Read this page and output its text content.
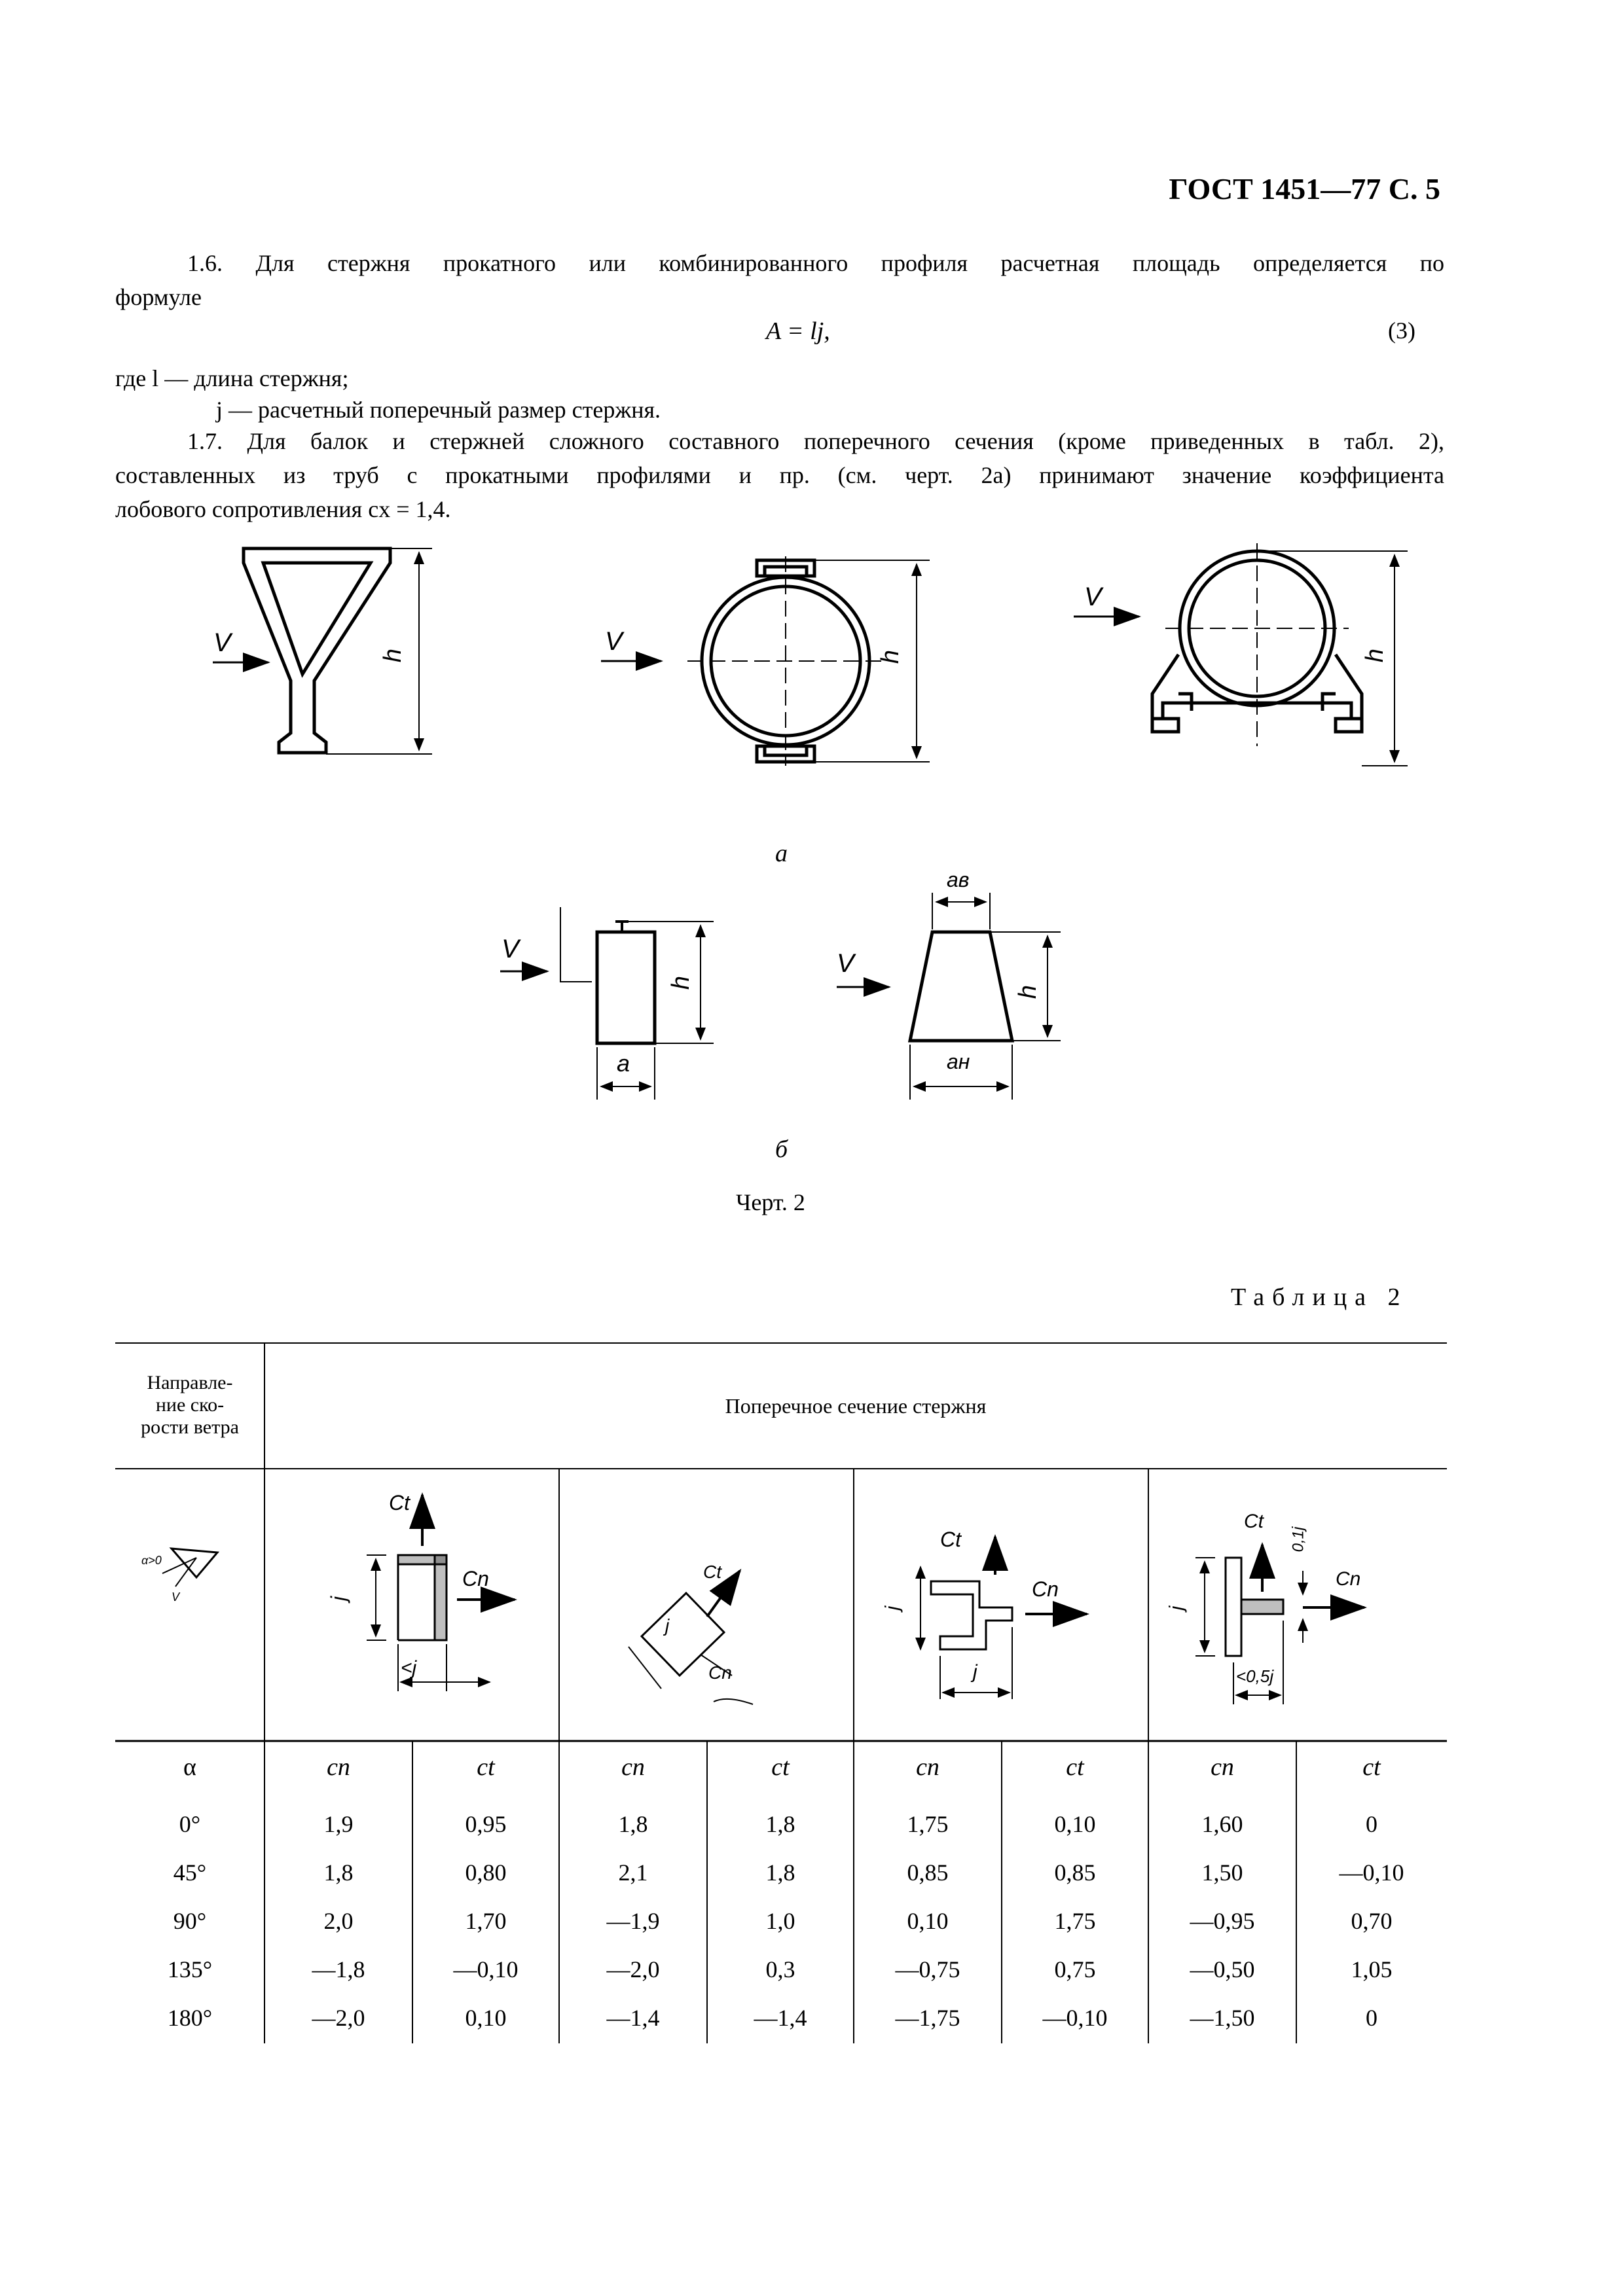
ГОСТ 1451—77 С. 5
1.6. Для стержня прокатного или комбинированного профиля расчетная площадь определяется по
формуле
A = lj,	(3)
где l — длина стержня;
j — расчетный поперечный размер стержня.
1.7. Для балок и стержней сложного составного поперечного сечения (кроме приведенных в табл. 2),
составленных из труб с прокатными профилями и пр. (см. черт. 2а) принимают значение коэффициента
лобового сопротивления cx = 1,4.
V	h	V
h
V
h
а
V
h
a
V
h
aв
aн
б
Черт. 2
Таблица 2
Направле-
ние ско-
рости ветра
Поперечное сечение стержня
α>0
V
Ct
Cn
j
<j
Ct
Cn
j
Ct
Cn
j
j
Ct
Cn
j
0,1j
<0,5j
α	cn	ct	cn	ct	cn	ct	cn	ct
0°	1,9	0,95	1,8	1,8	1,75	0,10	1,60	0
45°	1,8	0,80	2,1	1,8	0,85	0,85	1,50	—0,10
90°	2,0	1,70	—1,9	1,0	0,10	1,75	—0,95	0,70
135°	—1,8	—0,10	—2,0	0,3	—0,75	0,75	—0,50	1,05
180°	—2,0	0,10	—1,4	—1,4	—1,75	—0,10	—1,50	0
